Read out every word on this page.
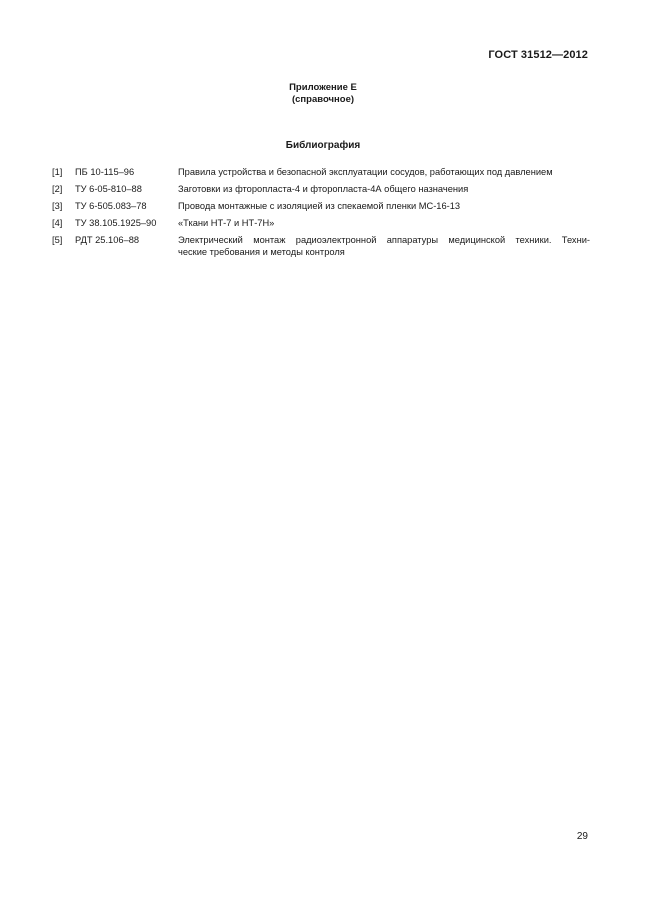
ГОСТ 31512—2012
Приложение Е
(справочное)
Библиография
[1]	ПБ 10-115–96	Правила устройства и безопасной эксплуатации сосудов, работающих под давлением
[2]	ТУ 6-05-810–88	Заготовки из фторопласта-4 и фторопласта-4А общего назначения
[3]	ТУ 6-505.083–78	Провода монтажные с изоляцией из спекаемой пленки МС-16-13
[4]	ТУ 38.105.1925–90	«Ткани НТ-7 и НТ-7Н»
[5]	РДТ 25.106–88	Электрический монтаж радиоэлектронной аппаратуры медицинской техники. Техни-
ческие требования и методы контроля
29
